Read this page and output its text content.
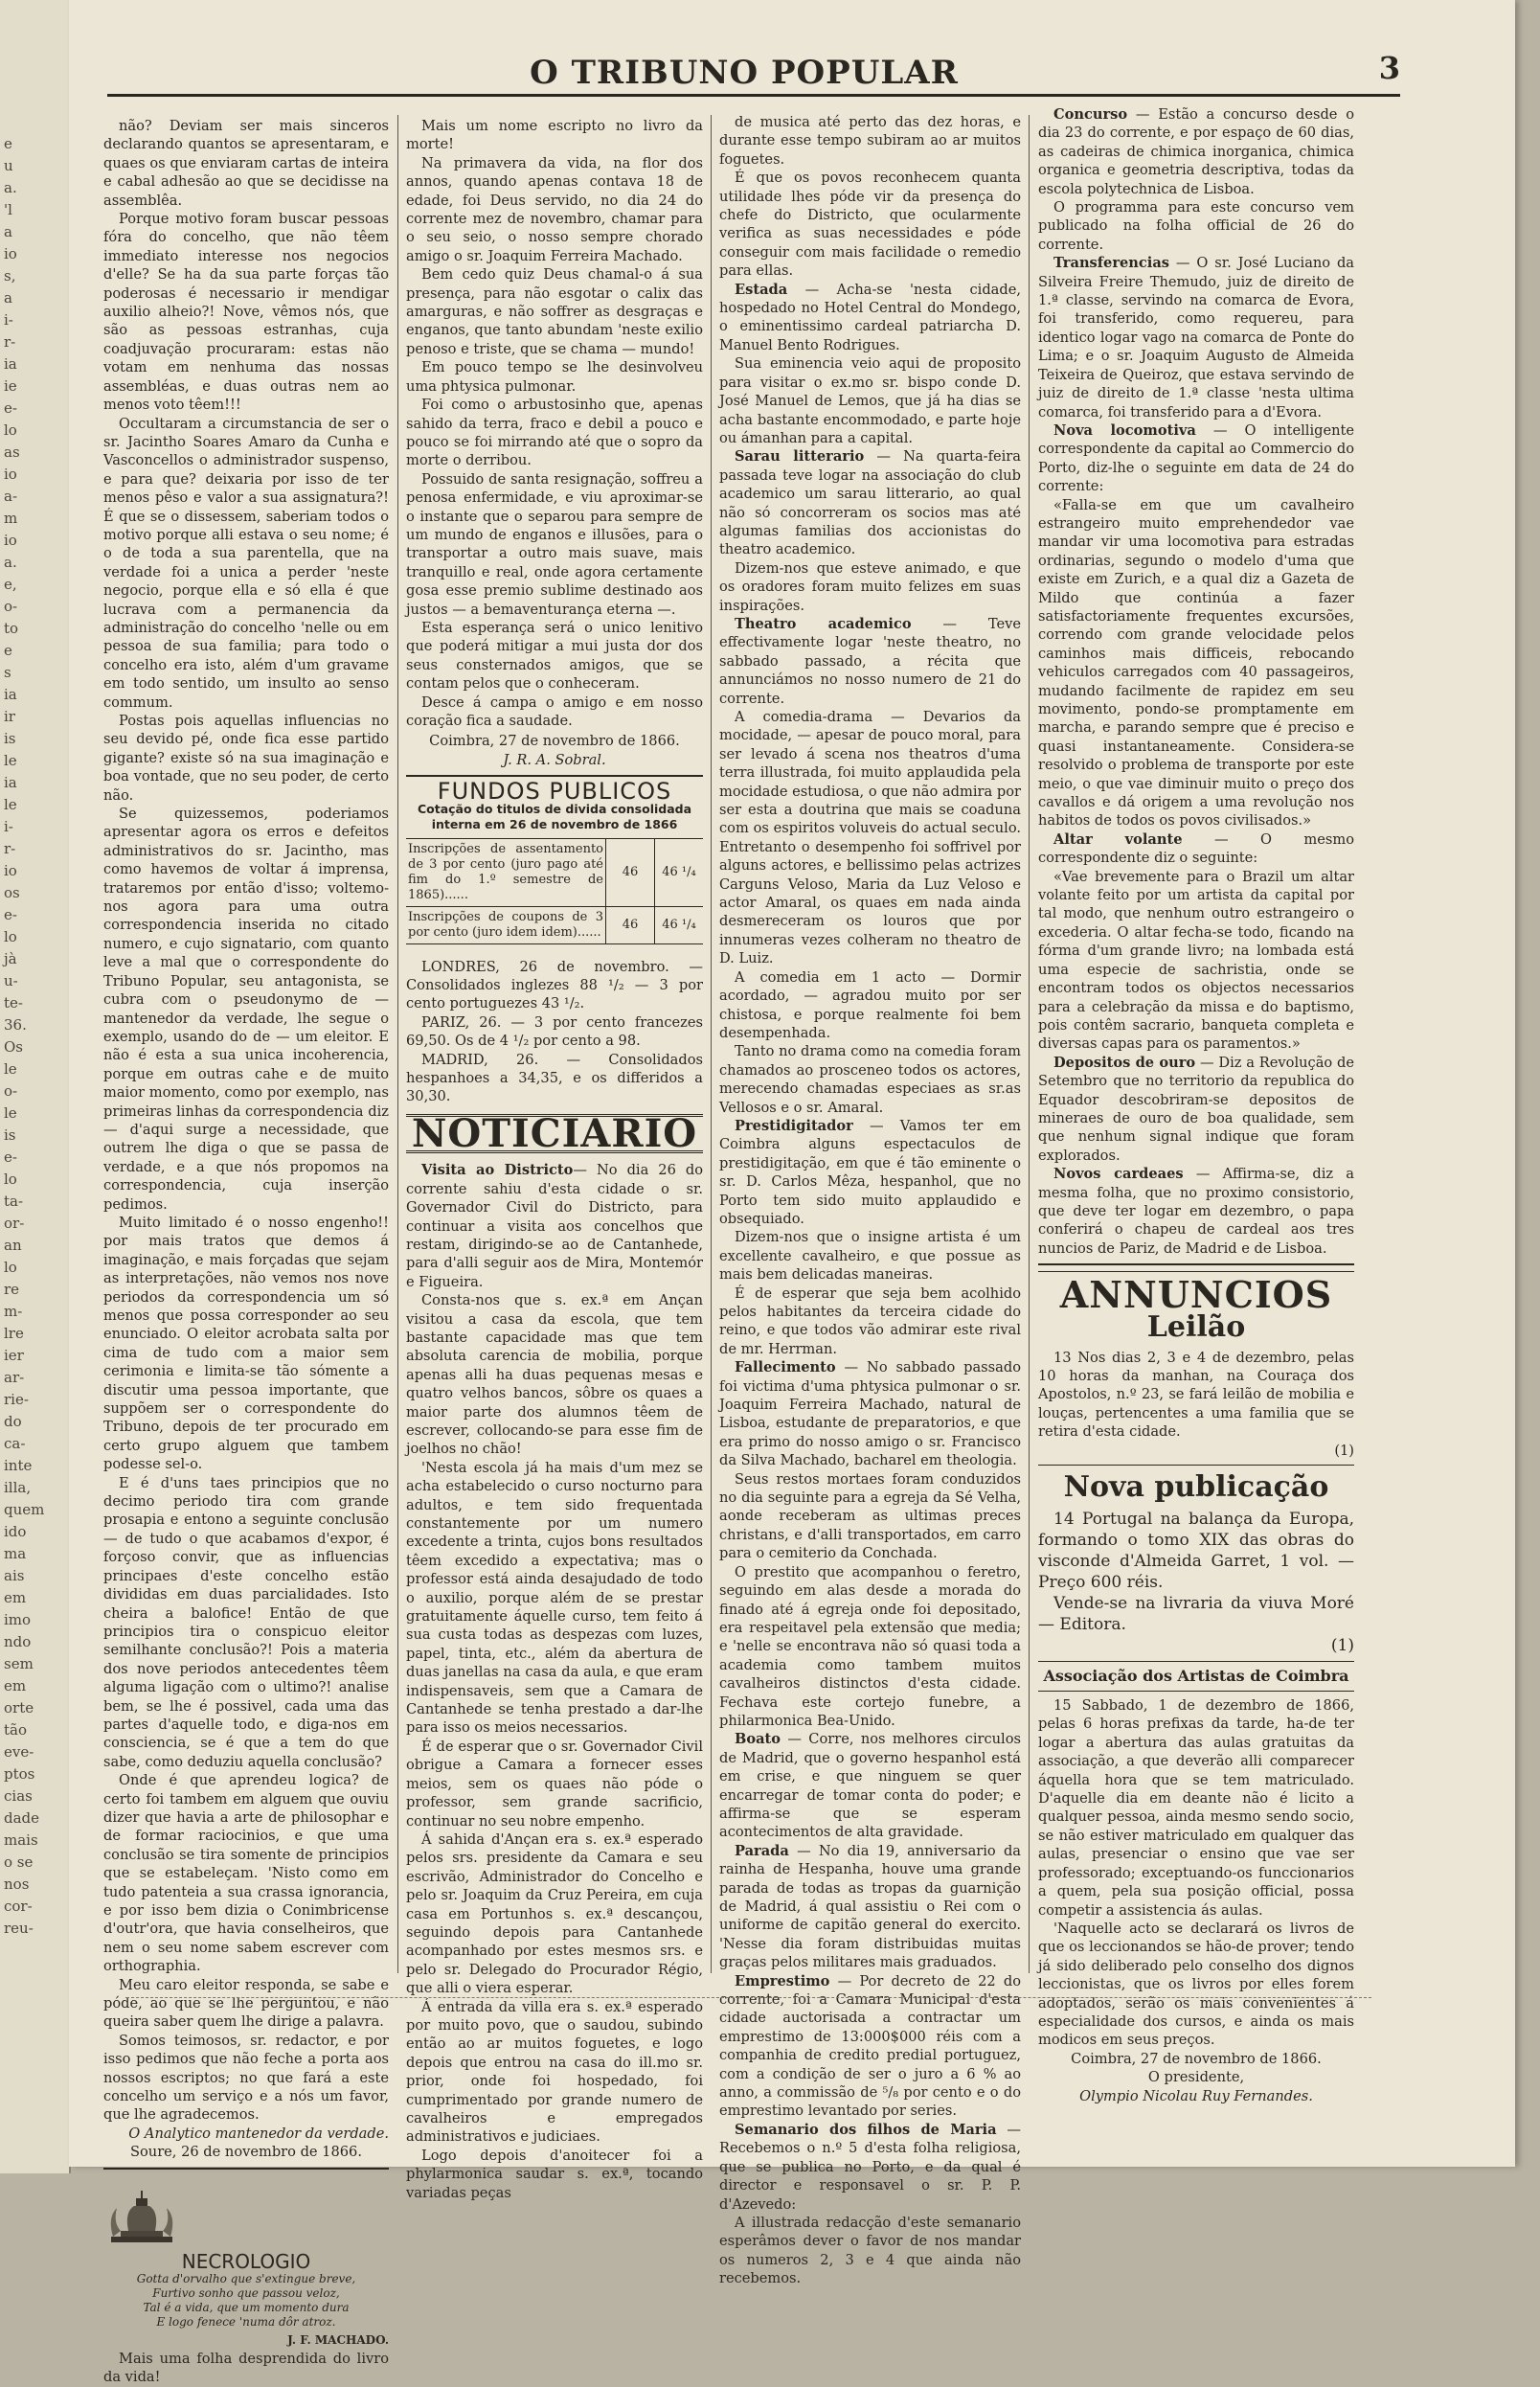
e
u
a.
'l
a
io
s,
a
i-
r-
ia
ie
e-
lo
as
io
a-
m
io
a.
e,
o-
to
e
s
ia
ir
is
le
ia
le
i-
r-
io
os
e-
lo
jà
u-
te-
36.
Os
le
o-
le
is
e-
lo
ta-
or-
an
lo
re
m-
lre
ier
ar-
rie-
do
ca-
inte
illa,
quem
ido
ma
ais
em
imo
ndo
sem
em
orte
tão
eve-
ptos
cias
dade
mais
o se
nos
cor-
reu-
O TRIBUNO POPULAR	3

não? Deviam ser mais sinceros declarando quantos se apresentaram, e quaes os que enviaram cartas de inteira e cabal adhesão ao que se decidisse na assemblêa.

Porque motivo foram buscar pessoas fóra do concelho, que não têem immediato interesse nos negocios d'elle? Se ha da sua parte forças tão poderosas é necessario ir mendigar auxilio alheio?! Nove, vêmos nós, que são as pessoas estranhas, cuja coadjuvação procuraram: estas não votam em nenhuma das nossas assembléas, e duas outras nem ao menos voto têem!!!

Occultaram a circumstancia de ser o sr. Jacintho Soares Amaro da Cunha e Vasconcellos o administrador suspenso, e para que? deixaria por isso de ter menos pêso e valor a sua assignatura?! É que se o dissessem, saberiam todos o motivo porque alli estava o seu nome; é o de toda a sua parentella, que na verdade foi a unica a perder 'neste negocio, porque ella e só ella é que lucrava com a permanencia da administração do concelho 'nelle ou em pessoa de sua familia; para todo o concelho era isto, além d'um gravame em todo sentido, um insulto ao senso commum.

Postas pois aquellas influencias no seu devido pé, onde fica esse partido gigante? existe só na sua imaginação e boa vontade, que no seu poder, de certo não.

Se quizessemos, poderiamos apresentar agora os erros e defeitos administrativos do sr. Jacintho, mas como havemos de voltar á imprensa, trataremos por então d'isso; voltemo-nos agora para uma outra correspondencia inserida no citado numero, e cujo signatario, com quanto leve a mal que o correspondente do Tribuno Popular, seu antagonista, se cubra com o pseudonymo de — mantenedor da verdade, lhe segue o exemplo, usando do de — um eleitor. E não é esta a sua unica incoherencia, porque em outras cahe e de muito maior momento, como por exemplo, nas primeiras linhas da correspondencia diz — d'aqui surge a necessidade, que outrem lhe diga o que se passa de verdade, e a que nós propomos na correspondencia, cuja inserção pedimos.

Muito limitado é o nosso engenho!! por mais tratos que demos á imaginação, e mais forçadas que sejam as interpretações, não vemos nos nove periodos da correspondencia um só menos que possa corresponder ao seu enunciado. O eleitor acrobata salta por cima de tudo com a maior sem cerimonia e limita-se tão sómente a discutir uma pessoa importante, que suppõem ser o correspondente do Tribuno, depois de ter procurado em certo grupo alguem que tambem podesse sel-o.

E é d'uns taes principios que no decimo periodo tira com grande prosapia e entono a seguinte conclusão — de tudo o que acabamos d'expor, é forçoso convir, que as influencias principaes d'este concelho estão divididas em duas parcialidades. Isto cheira a balofice! Então de que principios tira o conspicuo eleitor semilhante conclusão?! Pois a materia dos nove periodos antecedentes têem alguma ligação com o ultimo?! analise bem, se lhe é possivel, cada uma das partes d'aquelle todo, e diga-nos em consciencia, se é que a tem do que sabe, como deduziu aquella conclusão?

Onde é que aprendeu logica? de certo foi tambem em alguem que ouviu dizer que havia a arte de philosophar e de formar raciocinios, e que uma conclusão se tira somente de principios que se estabeleçam. 'Nisto como em tudo patenteia a sua crassa ignorancia, e por isso bem dizia o Conimbricense d'outr'ora, que havia conselheiros, que nem o seu nome sabem escrever com orthographia.

Meu caro eleitor responda, se sabe e póde, ao que se lhe perguntou, e não queira saber quem lhe dirige a palavra.

Somos teimosos, sr. redactor, e por isso pedimos que não feche a porta aos nossos escriptos; no que fará a este concelho um serviço e a nós um favor, que lhe agradecemos.

O Analytico mantenedor da verdade.

Soure, 26 de novembro de 1866.

NECROLOGIO
Gotta d'orvalho que s'extingue breve,
Furtivo sonho que passou veloz,
Tal é a vida, que um momento dura
E logo fenece 'numa dôr atroz.
J. F. MACHADO.

Mais uma folha desprendida do livro da vida!

Mais um nome escripto no livro da morte!

Na primavera da vida, na flor dos annos, quando apenas contava 18 de edade, foi Deus servido, no dia 24 do corrente mez de novembro, chamar para o seu seio, o nosso sempre chorado amigo o sr. Joaquim Ferreira Machado.

Bem cedo quiz Deus chamal-o á sua presença, para não esgotar o calix das amarguras, e não soffrer as desgraças e enganos, que tanto abundam 'neste exilio penoso e triste, que se chama — mundo!

Em pouco tempo se lhe desinvolveu uma phtysica pulmonar.

Foi como o arbustosinho que, apenas sahido da terra, fraco e debil a pouco e pouco se foi mirrando até que o sopro da morte o derribou.

Possuido de santa resignação, soffreu a penosa enfermidade, e viu aproximar-se o instante que o separou para sempre de um mundo de enganos e illusões, para o transportar a outro mais suave, mais tranquillo e real, onde agora certamente gosa esse premio sublime destinado aos justos — a bemaventurança eterna —.

Esta esperança será o unico lenitivo que poderá mitigar a mui justa dor dos seus consternados amigos, que se contam pelos que o conheceram.

Desce á campa o amigo e em nosso coração fica a saudade.

Coimbra, 27 de novembro de 1866.

J. R. A. Sobral.

FUNDOS PUBLICOS
Cotação do titulos de divida consolidada interna em 26 de novembro de 1866
Inscripções de assentamento de 3 por cento (juro pago até fim do 1.º semestre de 1865)......	46	46 ¹/₄
Inscripções de coupons de 3 por cento (juro idem idem)......	46	46 ¹/₄

LONDRES, 26 de novembro. — Consolidados inglezes 88 ¹/₂ — 3 por cento portuguezes 43 ¹/₂.

PARIZ, 26. — 3 por cento francezes 69,50. Os de 4 ¹/₂ por cento a 98.

MADRID, 26. — Consolidados hespanhoes a 34,35, e os differidos a 30,30.

NOTICIARIO

Visita ao Districto— No dia 26 do corrente sahiu d'esta cidade o sr. Governador Civil do Districto, para continuar a visita aos concelhos que restam, dirigindo-se ao de Cantanhede, para d'alli seguir aos de Mira, Montemór e Figueira.

Consta-nos que s. ex.ª em Ançan visitou a casa da escola, que tem bastante capacidade mas que tem absoluta carencia de mobilia, porque apenas alli ha duas pequenas mesas e quatro velhos bancos, sôbre os quaes a maior parte dos alumnos têem de escrever, collocando-se para esse fim de joelhos no chão!

'Nesta escola já ha mais d'um mez se acha estabelecido o curso nocturno para adultos, e tem sido frequentada constantemente por um numero excedente a trinta, cujos bons resultados têem excedido a expectativa; mas o professor está ainda desajudado de todo o auxilio, porque além de se prestar gratuitamente áquelle curso, tem feito á sua custa todas as despezas com luzes, papel, tinta, etc., além da abertura de duas janellas na casa da aula, e que eram indispensaveis, sem que a Camara de Cantanhede se tenha prestado a dar-lhe para isso os meios necessarios.

É de esperar que o sr. Governador Civil obrigue a Camara a fornecer esses meios, sem os quaes não póde o professor, sem grande sacrificio, continuar no seu nobre empenho.

Á sahida d'Ançan era s. ex.ª esperado pelos srs. presidente da Camara e seu escrivão, Administrador do Concelho e pelo sr. Joaquim da Cruz Pereira, em cuja casa em Portunhos s. ex.ª descançou, seguindo depois para Cantanhede acompanhado por estes mesmos srs. e pelo sr. Delegado do Procurador Régio, que alli o viera esperar.

Á entrada da villa era s. ex.ª esperado por muito povo, que o saudou, subindo então ao ar muitos foguetes, e logo depois que entrou na casa do ill.mo sr. prior, onde foi hospedado, foi cumprimentado por grande numero de cavalheiros e empregados administrativos e judiciaes.

Logo depois d'anoitecer foi a phylarmonica saudar s. ex.ª, tocando variadas peças

de musica até perto das dez horas, e durante esse tempo subiram ao ar muitos foguetes.

É que os povos reconhecem quanta utilidade lhes póde vir da presença do chefe do Districto, que ocularmente verifica as suas necessidades e póde conseguir com mais facilidade o remedio para ellas.

Estada — Acha-se 'nesta cidade, hospedado no Hotel Central do Mondego, o eminentissimo cardeal patriarcha D. Manuel Bento Rodrigues.

Sua eminencia veio aqui de proposito para visitar o ex.mo sr. bispo conde D. José Manuel de Lemos, que já ha dias se acha bastante encommodado, e parte hoje ou ámanhan para a capital.

Sarau litterario — Na quarta-feira passada teve logar na associação do club academico um sarau litterario, ao qual não só concorreram os socios mas até algumas familias dos accionistas do theatro academico.

Dizem-nos que esteve animado, e que os oradores foram muito felizes em suas inspirações.

Theatro academico — Teve effectivamente logar 'neste theatro, no sabbado passado, a récita que annunciámos no nosso numero de 21 do corrente.

A comedia-drama — Devarios da mocidade, — apesar de pouco moral, para ser levado á scena nos theatros d'uma terra illustrada, foi muito applaudida pela mocidade estudiosa, o que não admira por ser esta a doutrina que mais se coaduna com os espiritos voluveis do actual seculo. Entretanto o desempenho foi soffrivel por alguns actores, e bellissimo pelas actrizes Carguns Veloso, Maria da Luz Veloso e actor Amaral, os quaes em nada ainda desmereceram os louros que por innumeras vezes colheram no theatro de D. Luiz.

A comedia em 1 acto — Dormir acordado, — agradou muito por ser chistosa, e porque realmente foi bem desempenhada.

Tanto no drama como na comedia foram chamados ao prosceneo todos os actores, merecendo chamadas especiaes as sr.as Vellosos e o sr. Amaral.

Prestidigitador — Vamos ter em Coimbra alguns espectaculos de prestidigitação, em que é tão eminente o sr. D. Carlos Mêza, hespanhol, que no Porto tem sido muito applaudido e obsequiado.

Dizem-nos que o insigne artista é um excellente cavalheiro, e que possue as mais bem delicadas maneiras.

É de esperar que seja bem acolhido pelos habitantes da terceira cidade do reino, e que todos vão admirar este rival de mr. Herrman.

Fallecimento — No sabbado passado foi victima d'uma phtysica pulmonar o sr. Joaquim Ferreira Machado, natural de Lisboa, estudante de preparatorios, e que era primo do nosso amigo o sr. Francisco da Silva Machado, bacharel em theologia.

Seus restos mortaes foram conduzidos no dia seguinte para a egreja da Sé Velha, aonde receberam as ultimas preces christans, e d'alli transportados, em carro para o cemiterio da Conchada.

O prestito que acompanhou o feretro, seguindo em alas desde a morada do finado até á egreja onde foi depositado, era respeitavel pela extensão que media; e 'nelle se encontrava não só quasi toda a academia como tambem muitos cavalheiros distinctos d'esta cidade. Fechava este cortejo funebre, a philarmonica Bea-Unido.

Boato — Corre, nos melhores circulos de Madrid, que o governo hespanhol está em crise, e que ninguem se quer encarregar de tomar conta do poder; e affirma-se que se esperam acontecimentos de alta gravidade.

Parada — No dia 19, anniversario da rainha de Hespanha, houve uma grande parada de todas as tropas da guarnição de Madrid, á qual assistiu o Rei com o uniforme de capitão general do exercito. 'Nesse dia foram distribuidas muitas graças pelos militares mais graduados.

Emprestimo — Por decreto de 22 do corrente, foi a Camara Municipal d'esta cidade auctorisada a contractar um emprestimo de 13:000$000 réis com a companhia de credito predial portuguez, com a condição de ser o juro a 6 % ao anno, a commissão de ⁵/₈ por cento e o do emprestimo levantado por series.

Semanario dos filhos de Maria — Recebemos o n.º 5 d'esta folha religiosa, que se publica no Porto, e da qual é director e responsavel o sr. P. P. d'Azevedo:

A illustrada redacção d'este semanario esperâmos dever o favor de nos mandar os numeros 2, 3 e 4 que ainda não recebemos.

Concurso — Estão a concurso desde o dia 23 do corrente, e por espaço de 60 dias, as cadeiras de chimica inorganica, chimica organica e geometria descriptiva, todas da escola polytechnica de Lisboa.

O programma para este concurso vem publicado na folha official de 26 do corrente.

Transferencias — O sr. José Luciano da Silveira Freire Themudo, juiz de direito de 1.ª classe, servindo na comarca de Evora, foi transferido, como requereu, para identico logar vago na comarca de Ponte do Lima; e o sr. Joaquim Augusto de Almeida Teixeira de Queiroz, que estava servindo de juiz de direito de 1.ª classe 'nesta ultima comarca, foi transferido para a d'Evora.

Nova locomotiva — O intelligente correspondente da capital ao Commercio do Porto, diz-lhe o seguinte em data de 24 do corrente:

«Falla-se em que um cavalheiro estrangeiro muito emprehendedor vae mandar vir uma locomotiva para estradas ordinarias, segundo o modelo d'uma que existe em Zurich, e a qual diz a Gazeta de Mildo que continúa a fazer satisfactoriamente frequentes excursões, correndo com grande velocidade pelos caminhos mais difficeis, rebocando vehiculos carregados com 40 passageiros, mudando facilmente de rapidez em seu movimento, pondo-se promptamente em marcha, e parando sempre que é preciso e quasi instantaneamente. Considera-se resolvido o problema de transporte por este meio, o que vae diminuir muito o preço dos cavallos e dá origem a uma revolução nos habitos de todos os povos civilisados.»

Altar volante — O mesmo correspondente diz o seguinte:

«Vae brevemente para o Brazil um altar volante feito por um artista da capital por tal modo, que nenhum outro estrangeiro o excederia. O altar fecha-se todo, ficando na fórma d'um grande livro; na lombada está uma especie de sachristia, onde se encontram todos os objectos necessarios para a celebração da missa e do baptismo, pois contêm sacrario, banqueta completa e diversas capas para os paramentos.»

Depositos de ouro — Diz a Revolução de Setembro que no territorio da republica do Equador descobriram-se depositos de mineraes de ouro de boa qualidade, sem que nenhum signal indique que foram explorados.

Novos cardeaes — Affirma-se, diz a mesma folha, que no proximo consistorio, que deve ter logar em dezembro, o papa conferirá o chapeu de cardeal aos tres nuncios de Pariz, de Madrid e de Lisboa.

ANNUNCIOS
Leilão

13 Nos dias 2, 3 e 4 de dezembro, pelas 10 horas da manhan, na Couraça dos Apostolos, n.º 23, se fará leilão de mobilia e louças, pertencentes a uma familia que se retira d'esta cidade.

(1)

Nova publicação

14 Portugal na balança da Europa, formando o tomo XIX das obras do visconde d'Almeida Garret, 1 vol. — Preço 600 réis.

Vende-se na livraria da viuva Moré — Editora.

(1)

Associação dos Artistas de Coimbra

15 Sabbado, 1 de dezembro de 1866, pelas 6 horas prefixas da tarde, ha-de ter logar a abertura das aulas gratuitas da associação, a que deverão alli comparecer áquella hora que se tem matriculado. D'aquelle dia em deante não é licito a qualquer pessoa, ainda mesmo sendo socio, se não estiver matriculado em qualquer das aulas, presenciar o ensino que vae ser professorado; exceptuando-os funccionarios a quem, pela sua posição official, possa competir a assistencia ás aulas.

'Naquelle acto se declarará os livros de que os leccionandos se hão-de prover; tendo já sido deliberado pelo conselho dos dignos leccionistas, que os livros por elles forem adoptados, serão os mais convenientes á especialidade dos cursos, e ainda os mais modicos em seus preços.

Coimbra, 27 de novembro de 1866.

O presidente,

Olympio Nicolau Ruy Fernandes.
